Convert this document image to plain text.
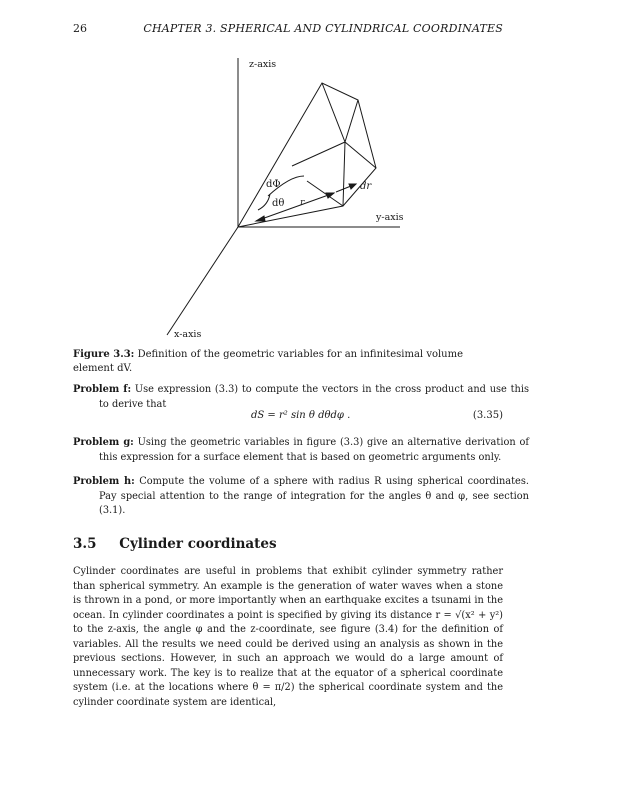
26	CHAPTER 3. SPHERICAL AND CYLINDRICAL COORDINATES
z-axis
y-axis
x-axis
dΦ
dθ
dr
r
Figure 3.3: Definition of the geometric variables for an infinitesimal volume element dV.
Problem f: Use expression (3.3) to compute the vectors in the cross product and use this to derive that
dS = r² sin θ dθdφ .	(3.35)
Problem g: Using the geometric variables in figure (3.3) give an alternative derivation of this expression for a surface element that is based on geometric arguments only.
Problem h: Compute the volume of a sphere with radius R using spherical coordinates. Pay special attention to the range of integration for the angles θ and φ, see section (3.1).
3.5 Cylinder coordinates
Cylinder coordinates are useful in problems that exhibit cylinder symmetry rather than spherical symmetry. An example is the generation of water waves when a stone is thrown in a pond, or more importantly when an earthquake excites a tsunami in the ocean. In cylinder coordinates a point is specified by giving its distance r = √(x² + y²) to the z-axis, the angle φ and the z-coordinate, see figure (3.4) for the definition of variables. All the results we need could be derived using an analysis as shown in the previous sections. However, in such an approach we would do a large amount of unnecessary work. The key is to realize that at the equator of a spherical coordinate system (i.e. at the locations where θ = π/2) the spherical coordinate system and the cylinder coordinate system are identical,
